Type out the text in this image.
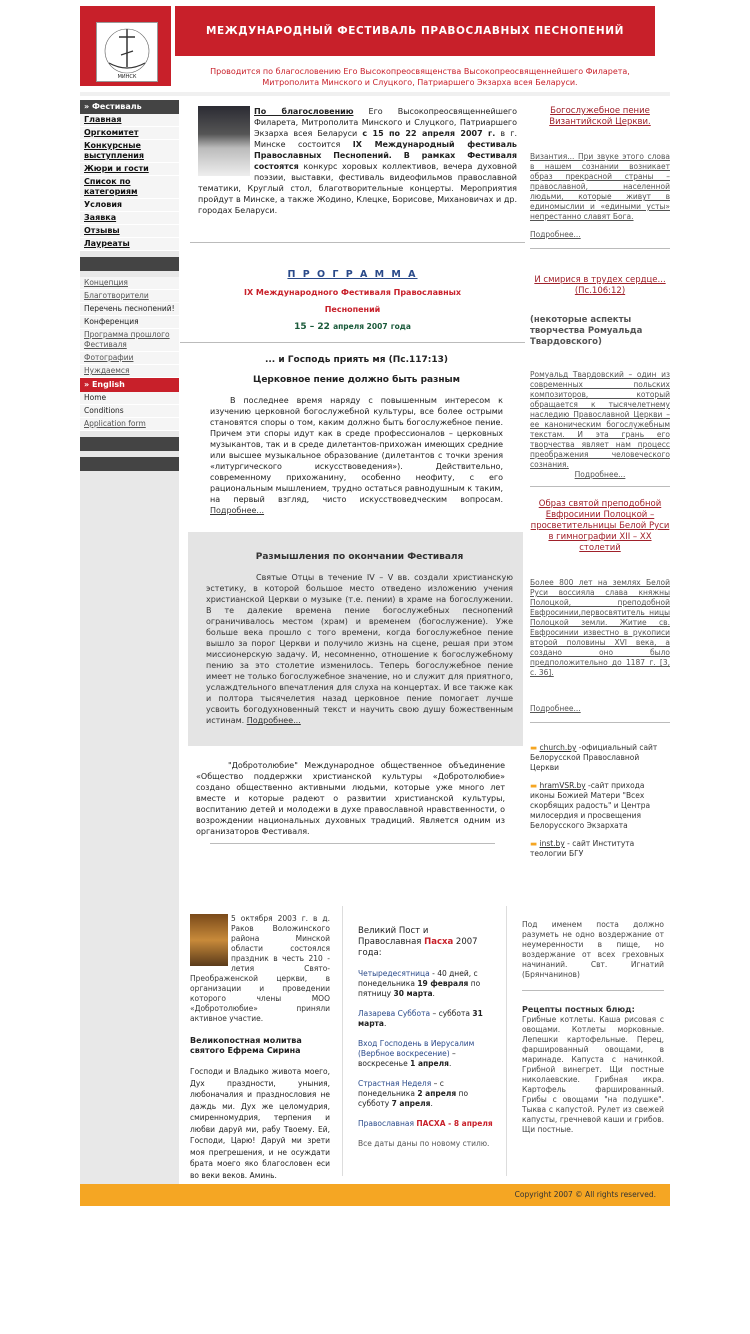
МИНСК
МЕЖДУНАРОДНЫЙ ФЕСТИВАЛЬ ПРАВОСЛАВНЫХ ПЕСНОПЕНИЙ
Проводится по благословению Его Высокопреосвященства Высокопреосвященнейшего Филарета, Митрополита Минского и Слуцкого, Патриаршего Экзарха всея Беларуси.
» Фестиваль
Главная
Оргкомитет
Конкурсные выступления
Жюри и гости
Список по категориям
Условия
Заявка
Отзывы
Лауреаты
Концепция
Благотворители
Перечень песнопений!
Конференция
Программа прошлого Фестиваля
Фотографии
Нуждаемся
» English
Home
Conditions
Application form
По благословению Его Высокопреосвященнейшего Филарета, Митрополита Минского и Слуцкого, Патриаршего Экзарха всея Беларуси с 15 по 22 апреля 2007 г. в г. Минске состоится IX Международный фестиваль Православных Песнопений. В рамках Фестиваля состоятся конкурс хоровых коллективов, вечера духовной поэзии, выставки, фестиваль видеофильмов православной тематики, Круглый стол, благотворительные концерты. Мероприятия пройдут в Минске, а также Жодино, Клецке, Борисове, Михановичах и др. городах Беларуси.
П Р О Г Р А М М А
IX Международного Фестиваля Православных
Песнопений
15 – 22 апреля 2007 года
... и Господь приять мя (Пс.117:13)
Церковное пение должно быть разным
В последнее время наряду с повышенным интересом к изучению церковной богослужебной культуры, все более острыми становятся споры о том, каким должно быть богослужебное пение. Причем эти споры идут как в среде профессионалов – церковных музыкантов, так и в среде дилетантов-прихожан имеющих средние или высшее музыкальное образование (дилетантов с точки зрения «литургического искусствоведения»). Действительно, современному прихожанину, особенно неофиту, с его рациональным мышлением, трудно остаться равнодушным к таким, на первый взгляд, чисто искусствоведческим вопросам. Подробнее...
Размышления по окончании Фестиваля
Святые Отцы в течение IV – V вв. создали христианскую эстетику, в которой большое место отведено изложению учения христианской Церкви о музыке (т.е. пении) в храме на богослужении. В те далекие времена пение богослужебных песнопений ограничивалось местом (храм) и временем (богослужение). Уже больше века прошло с того времени, когда богослужебное пение вышло за порог Церкви и получило жизнь на сцене, решая при этом миссионерскую задачу. И, несомненно, отношение к богослужебному пению за это столетие изменилось. Теперь богослужебное пение имеет не только богослужебное значение, но и служит для приятного, услаждтельного впечатления для слуха на концертах. И все также как и полтора тысячелетия назад церковное пение помогает лучше усвоить богодухновенный текст и научить свою душу божественным истинам. Подробнее...
"Добротолюбие" Международное общественное объединение «Общество поддержки христианской культуры «Добротолюбие» создано общественно активными людьми, которые уже много лет вместе и которые радеют о развитии христианской культуры, воспитанию детей и молодежи в духе православной нравственности, о возрождении национальных духовных традиций. Является одним из организаторов Фестиваля.
Богослужебное пение Византийской Церкви.
Византия... При звуке этого слова в нашем сознании возникает образ прекрасной страны – православной, населенной людьми, которые живут в единомыслии и «едиными усты» непрестанно славят Бога.
Подробнее...
И смирися в трудех сердце... (Пс.106:12)
(некоторые аспекты творчества Ромуальда Твардовского)
Ромуальд Твардовский – один из современных польских композиторов, который обращается к тысячелетнему наследию Православной Церкви – ее каноническим богослужебным текстам. И эта грань его творчества являет нам процесс преображения человеческого сознания.
Подробнее...
Образ святой преподобной Евфросинии Полоцкой – просветительницы Белой Руси в гимнографии XII – XX столетий
Более 800 лет на землях Белой Руси воссияла слава княжны Полоцкой, преподобной Евфросинии,первосвятитель ницы Полоцкой земли. Житие св. Евфросинии известно в рукописи второй половины XVI века, а создано оно было предположительно до 1187 г. [3, с. 36].
Подробнее...
▬ church.by -официальный сайт Белорусской Православной Церкви
▬ hramVSR.by -сайт прихода иконы Божией Матери "Всех скорбящих радость" и Центра милосердия и просвещения Белорусского Экзархата
▬ inst.by - сайт Института теологии БГУ
5 октября 2003 г. в д. Раков Воложинского района Минской области состоялся праздник в честь 210 - летия Свято-Преображенской церкви, в организации и проведении которого члены МОО «Добротолюбие» приняли активное участие.
Великопостная молитва святого Ефрема Сирина
Господи и Владыко живота моего, Дух праздности, уныния, любоначалия и празднословия не даждь ми. Дух же целомудрия, смиренномудрия, терпения и любви даруй ми, рабу Твоему. Ей, Господи, Царю! Даруй ми зрети моя прегрешения, и не осуждати брата моего яко благословен еси во веки веков. Аминь.
Великий Пост и Православная Пасха 2007 года:
Четыредесятница - 40 дней, с понедельника 19 февраля по пятницу 30 марта.
Лазарева Суббота – суббота 31 марта.
Вход Господень в Иерусалим (Вербное воскресение) – воскресенье 1 апреля.
Страстная Неделя – с понедельника 2 апреля по субботу 7 апреля.
Православная ПАСХА - 8 апреля
Все даты даны по новому стилю.
Под именем поста должно разуметь не одно воздержание от неумеренности в пище, но воздержание от всех греховных начинаний. Свт. Игнатий (Брянчанинов)
Рецепты постных блюд:
Грибные котлеты. Каша рисовая с овощами. Котлеты морковные. Лепешки картофельные. Перец, фаршированный овощами, в маринаде. Капуста с начинкой. Грибной винегрет. Щи постные николаевские. Грибная икра. Картофель фаршированный. Грибы с овощами "на подушке". Тыква с капустой. Рулет из свежей капусты, гречневой каши и грибов. Щи постные.
Copyright 2007 © All rights reserved.
